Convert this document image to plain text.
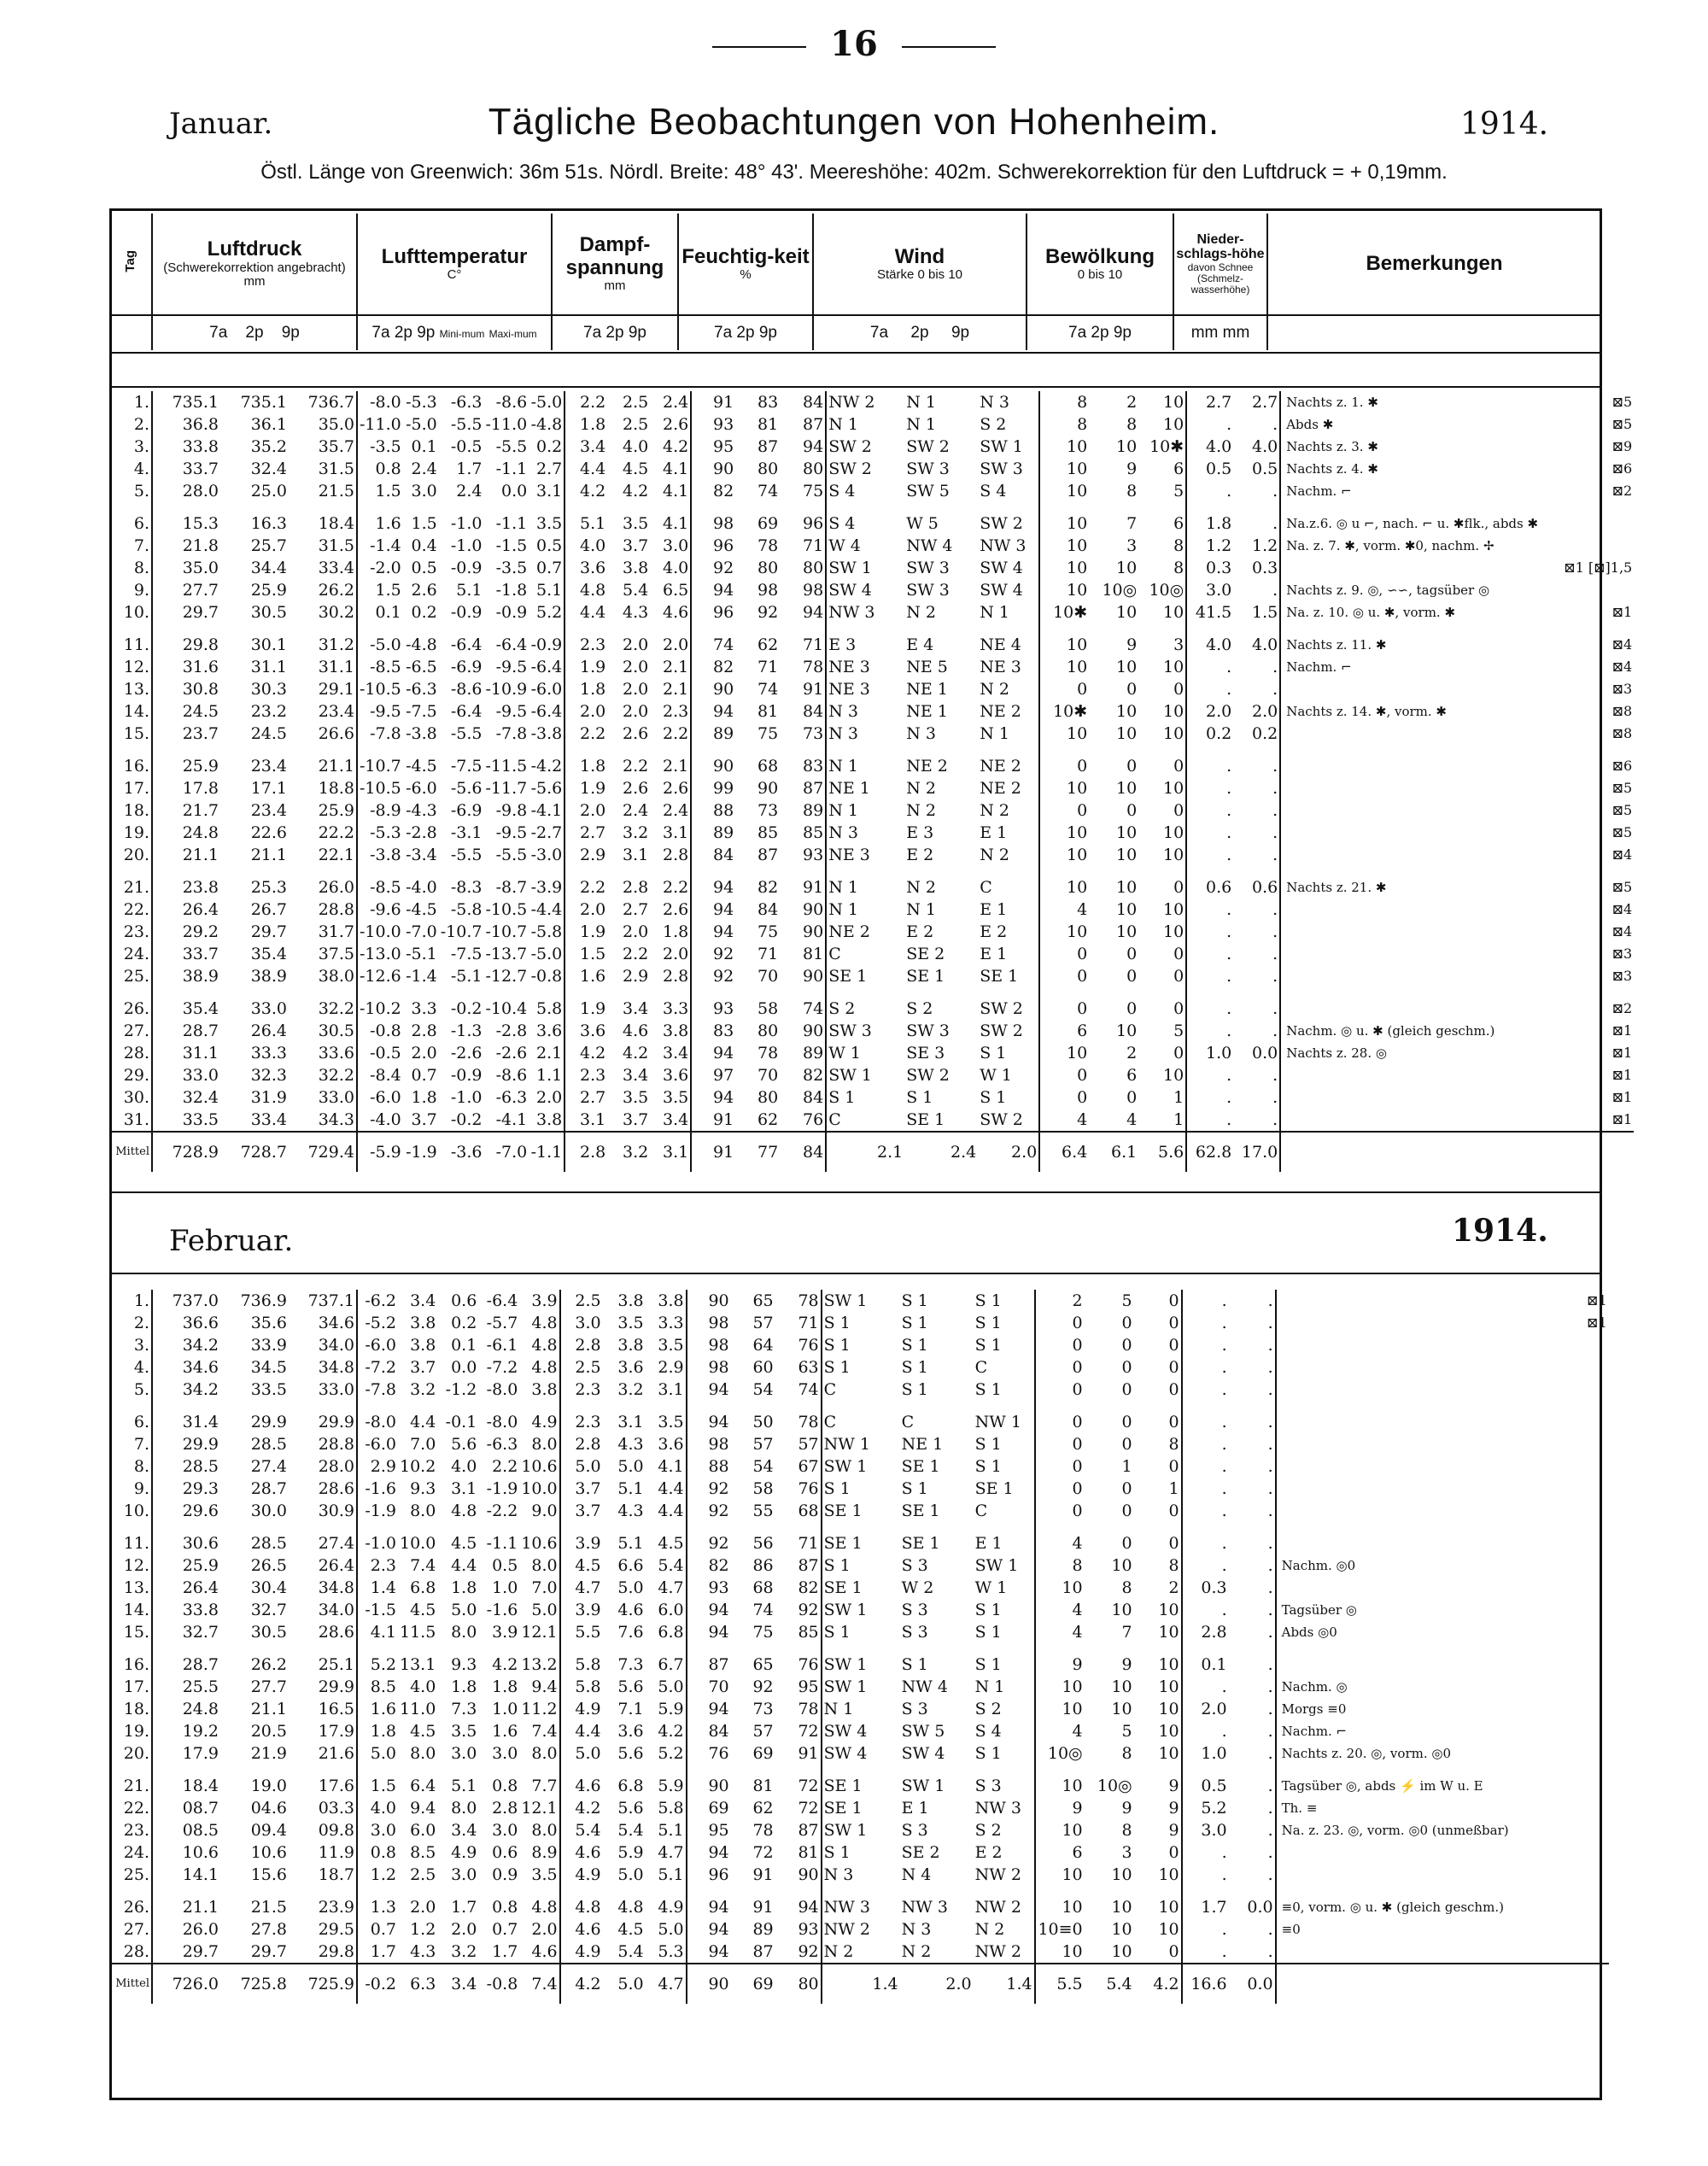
16
Januar.	Tägliche Beobachtungen von Hohenheim.	1914.
Östl. Länge von Greenwich: 36m 51s. Nördl. Breite: 48° 43'. Meereshöhe: 402m. Schwerekorrektion für den Luftdruck = + 0,19mm.
Tag	Luftdruck
(Schwerekorrektion angebracht)
mm	Lufttemperatur
C°	Dampf-spannung
mm	Feuchtig-keit
%	Wind
Stärke 0 bis 10	Bewölkung
0 bis 10	Nieder-schlags-höhe
davon Schnee (Schmelz-wasserhöhe)	Bemerkungen
	7a 2p 9p	7a 2p 9p Mini-mum Maxi-mum	7a 2p 9p	7a 2p 9p	7a 2p 9p	7a 2p 9p	mm mm	
1.	735.1	735.1	736.7	-8.0	-5.3	-6.3	-8.6	-5.0	2.2	2.5	2.4	91	83	84	NW 2	N 1	N 3	8	2	10	2.7	2.7	Nachts z. 1. ✱	⊠5
2.	36.8	36.1	35.0	-11.0	-5.0	-5.5	-11.0	-4.8	1.8	2.5	2.6	93	81	87	N 1	N 1	S 2	8	8	10	.	.	Abds ✱	⊠5
3.	33.8	35.2	35.7	-3.5	0.1	-0.5	-5.5	0.2	3.4	4.0	4.2	95	87	94	SW 2	SW 2	SW 1	10	10	10✱	4.0	4.0	Nachts z. 3. ✱	⊠9
4.	33.7	32.4	31.5	0.8	2.4	1.7	-1.1	2.7	4.4	4.5	4.1	90	80	80	SW 2	SW 3	SW 3	10	9	6	0.5	0.5	Nachts z. 4. ✱	⊠6
5.	28.0	25.0	21.5	1.5	3.0	2.4	0.0	3.1	4.2	4.2	4.1	82	74	75	S 4	SW 5	S 4	10	8	5	.	.	Nachm. ⌐	⊠2

6.	15.3	16.3	18.4	1.6	1.5	-1.0	-1.1	3.5	5.1	3.5	4.1	98	69	96	S 4	W 5	SW 2	10	7	6	1.8	.	Na.z.6. ◎ u ⌐, nach. ⌐ u. ✱flk., abds ✱	
7.	21.8	25.7	31.5	-1.4	0.4	-1.0	-1.5	0.5	4.0	3.7	3.0	96	78	71	W 4	NW 4	NW 3	10	3	8	1.2	1.2	Na. z. 7. ✱, vorm. ✱0, nachm. ✢	
8.	35.0	34.4	33.4	-2.0	0.5	-0.9	-3.5	0.7	3.6	3.8	4.0	92	80	80	SW 1	SW 3	SW 4	10	10	8	0.3	0.3		⊠1 [⊠]1,5
9.	27.7	25.9	26.2	1.5	2.6	5.1	-1.8	5.1	4.8	5.4	6.5	94	98	98	SW 4	SW 3	SW 4	10	10◎	10◎	3.0	.	Nachts z. 9. ◎, ∽∽, tagsüber ◎	
10.	29.7	30.5	30.2	0.1	0.2	-0.9	-0.9	5.2	4.4	4.3	4.6	96	92	94	NW 3	N 2	N 1	10✱	10	10	41.5	1.5	Na. z. 10. ◎ u. ✱, vorm. ✱	⊠1

11.	29.8	30.1	31.2	-5.0	-4.8	-6.4	-6.4	-0.9	2.3	2.0	2.0	74	62	71	E 3	E 4	NE 4	10	9	3	4.0	4.0	Nachts z. 11. ✱	⊠4
12.	31.6	31.1	31.1	-8.5	-6.5	-6.9	-9.5	-6.4	1.9	2.0	2.1	82	71	78	NE 3	NE 5	NE 3	10	10	10	.	.	Nachm. ⌐	⊠4
13.	30.8	30.3	29.1	-10.5	-6.3	-8.6	-10.9	-6.0	1.8	2.0	2.1	90	74	91	NE 3	NE 1	N 2	0	0	0	.	.		⊠3
14.	24.5	23.2	23.4	-9.5	-7.5	-6.4	-9.5	-6.4	2.0	2.0	2.3	94	81	84	N 3	NE 1	NE 2	10✱	10	10	2.0	2.0	Nachts z. 14. ✱, vorm. ✱	⊠8
15.	23.7	24.5	26.6	-7.8	-3.8	-5.5	-7.8	-3.8	2.2	2.6	2.2	89	75	73	N 3	N 3	N 1	10	10	10	0.2	0.2		⊠8

16.	25.9	23.4	21.1	-10.7	-4.5	-7.5	-11.5	-4.2	1.8	2.2	2.1	90	68	83	N 1	NE 2	NE 2	0	0	0	.	.		⊠6
17.	17.8	17.1	18.8	-10.5	-6.0	-5.6	-11.7	-5.6	1.9	2.6	2.6	99	90	87	NE 1	N 2	NE 2	10	10	10	.	.		⊠5
18.	21.7	23.4	25.9	-8.9	-4.3	-6.9	-9.8	-4.1	2.0	2.4	2.4	88	73	89	N 1	N 2	N 2	0	0	0	.	.		⊠5
19.	24.8	22.6	22.2	-5.3	-2.8	-3.1	-9.5	-2.7	2.7	3.2	3.1	89	85	85	N 3	E 3	E 1	10	10	10	.	.		⊠5
20.	21.1	21.1	22.1	-3.8	-3.4	-5.5	-5.5	-3.0	2.9	3.1	2.8	84	87	93	NE 3	E 2	N 2	10	10	10	.	.		⊠4

21.	23.8	25.3	26.0	-8.5	-4.0	-8.3	-8.7	-3.9	2.2	2.8	2.2	94	82	91	N 1	N 2	C	10	10	0	0.6	0.6	Nachts z. 21. ✱	⊠5
22.	26.4	26.7	28.8	-9.6	-4.5	-5.8	-10.5	-4.4	2.0	2.7	2.6	94	84	90	N 1	N 1	E 1	4	10	10	.	.		⊠4
23.	29.2	29.7	31.7	-10.0	-7.0	-10.7	-10.7	-5.8	1.9	2.0	1.8	94	75	90	NE 2	E 2	E 2	10	10	10	.	.		⊠4
24.	33.7	35.4	37.5	-13.0	-5.1	-7.5	-13.7	-5.0	1.5	2.2	2.0	92	71	81	C	SE 2	E 1	0	0	0	.	.		⊠3
25.	38.9	38.9	38.0	-12.6	-1.4	-5.1	-12.7	-0.8	1.6	2.9	2.8	92	70	90	SE 1	SE 1	SE 1	0	0	0	.	.		⊠3

26.	35.4	33.0	32.2	-10.2	3.3	-0.2	-10.4	5.8	1.9	3.4	3.3	93	58	74	S 2	S 2	SW 2	0	0	0	.	.		⊠2
27.	28.7	26.4	30.5	-0.8	2.8	-1.3	-2.8	3.6	3.6	4.6	3.8	83	80	90	SW 3	SW 3	SW 2	6	10	5	.	.	Nachm. ◎ u. ✱ (gleich geschm.)	⊠1
28.	31.1	33.3	33.6	-0.5	2.0	-2.6	-2.6	2.1	4.2	4.2	3.4	94	78	89	W 1	SE 3	S 1	10	2	0	1.0	0.0	Nachts z. 28. ◎	⊠1
29.	33.0	32.3	32.2	-8.4	0.7	-0.9	-8.6	1.1	2.3	3.4	3.6	97	70	82	SW 1	SW 2	W 1	0	6	10	.	.		⊠1
30.	32.4	31.9	33.0	-6.0	1.8	-1.0	-6.3	2.0	2.7	3.5	3.5	94	80	84	S 1	S 1	S 1	0	0	1	.	.		⊠1
31.	33.5	33.4	34.3	-4.0	3.7	-0.2	-4.1	3.8	3.1	3.7	3.4	91	62	76	C	SE 1	SW 2	4	4	1	.	.		⊠1
Mittel	728.9	728.7	729.4	-5.9	-1.9	-3.6	-7.0	-1.1	2.8	3.2	3.1	91	77	84	2.1	2.4	2.0	6.4	6.1	5.6	62.8	17.0		
Februar.	1914.
1.	737.0	736.9	737.1	-6.2	3.4	0.6	-6.4	3.9	2.5	3.8	3.8	90	65	78	SW 1	S 1	S 1	2	5	0	.	.		⊠1
2.	36.6	35.6	34.6	-5.2	3.8	0.2	-5.7	4.8	3.0	3.5	3.3	98	57	71	S 1	S 1	S 1	0	0	0	.	.		⊠1
3.	34.2	33.9	34.0	-6.0	3.8	0.1	-6.1	4.8	2.8	3.8	3.5	98	64	76	S 1	S 1	S 1	0	0	0	.	.		
4.	34.6	34.5	34.8	-7.2	3.7	0.0	-7.2	4.8	2.5	3.6	2.9	98	60	63	S 1	S 1	C	0	0	0	.	.		
5.	34.2	33.5	33.0	-7.8	3.2	-1.2	-8.0	3.8	2.3	3.2	3.1	94	54	74	C	S 1	S 1	0	0	0	.	.		

6.	31.4	29.9	29.9	-8.0	4.4	-0.1	-8.0	4.9	2.3	3.1	3.5	94	50	78	C	C	NW 1	0	0	0	.	.		
7.	29.9	28.5	28.8	-6.0	7.0	5.6	-6.3	8.0	2.8	4.3	3.6	98	57	57	NW 1	NE 1	S 1	0	0	8	.	.		
8.	28.5	27.4	28.0	2.9	10.2	4.0	2.2	10.6	5.0	5.0	4.1	88	54	67	SW 1	SE 1	S 1	0	1	0	.	.		
9.	29.3	28.7	28.6	-1.6	9.3	3.1	-1.9	10.0	3.7	5.1	4.4	92	58	76	S 1	S 1	SE 1	0	0	1	.	.		
10.	29.6	30.0	30.9	-1.9	8.0	4.8	-2.2	9.0	3.7	4.3	4.4	92	55	68	SE 1	SE 1	C	0	0	0	.	.		

11.	30.6	28.5	27.4	-1.0	10.0	4.5	-1.1	10.6	3.9	5.1	4.5	92	56	71	SE 1	SE 1	E 1	4	0	0	.	.		
12.	25.9	26.5	26.4	2.3	7.4	4.4	0.5	8.0	4.5	6.6	5.4	82	86	87	S 1	S 3	SW 1	8	10	8	.	.	Nachm. ◎0	
13.	26.4	30.4	34.8	1.4	6.8	1.8	1.0	7.0	4.7	5.0	4.7	93	68	82	SE 1	W 2	W 1	10	8	2	0.3	.		
14.	33.8	32.7	34.0	-1.5	4.5	5.0	-1.6	5.0	3.9	4.6	6.0	94	74	92	SW 1	S 3	S 1	4	10	10	.	.	Tagsüber ◎	
15.	32.7	30.5	28.6	4.1	11.5	8.0	3.9	12.1	5.5	7.6	6.8	94	75	85	S 1	S 3	S 1	4	7	10	2.8	.	Abds ◎0	

16.	28.7	26.2	25.1	5.2	13.1	9.3	4.2	13.2	5.8	7.3	6.7	87	65	76	SW 1	S 1	S 1	9	9	10	0.1	.		
17.	25.5	27.7	29.9	8.5	4.0	1.8	1.8	9.4	5.8	5.6	5.0	70	92	95	SW 1	NW 4	N 1	10	10	10	.	.	Nachm. ◎	
18.	24.8	21.1	16.5	1.6	11.0	7.3	1.0	11.2	4.9	7.1	5.9	94	73	78	N 1	S 3	S 2	10	10	10	2.0	.	Morgs ≡0	
19.	19.2	20.5	17.9	1.8	4.5	3.5	1.6	7.4	4.4	3.6	4.2	84	57	72	SW 4	SW 5	S 4	4	5	10	.	.	Nachm. ⌐	
20.	17.9	21.9	21.6	5.0	8.0	3.0	3.0	8.0	5.0	5.6	5.2	76	69	91	SW 4	SW 4	S 1	10◎	8	10	1.0	.	Nachts z. 20. ◎, vorm. ◎0	

21.	18.4	19.0	17.6	1.5	6.4	5.1	0.8	7.7	4.6	6.8	5.9	90	81	72	SE 1	SW 1	S 3	10	10◎	9	0.5	.	Tagsüber ◎, abds ⚡ im W u. E	
22.	08.7	04.6	03.3	4.0	9.4	8.0	2.8	12.1	4.2	5.6	5.8	69	62	72	SE 1	E 1	NW 3	9	9	9	5.2	.	Th. ≡	
23.	08.5	09.4	09.8	3.0	6.0	3.4	3.0	8.0	5.4	5.4	5.1	95	78	87	SW 1	S 3	S 2	10	8	9	3.0	.	Na. z. 23. ◎, vorm. ◎0 (unmeßbar)	
24.	10.6	10.6	11.9	0.8	8.5	4.9	0.6	8.9	4.6	5.9	4.7	94	72	81	S 1	SE 2	E 2	6	3	0	.	.		
25.	14.1	15.6	18.7	1.2	2.5	3.0	0.9	3.5	4.9	5.0	5.1	96	91	90	N 3	N 4	NW 2	10	10	10	.	.		

26.	21.1	21.5	23.9	1.3	2.0	1.7	0.8	4.8	4.8	4.8	4.9	94	91	94	NW 3	NW 3	NW 2	10	10	10	1.7	0.0	≡0, vorm. ◎ u. ✱ (gleich geschm.)	
27.	26.0	27.8	29.5	0.7	1.2	2.0	0.7	2.0	4.6	4.5	5.0	94	89	93	NW 2	N 3	N 2	10≡0	10	10	.	.	≡0	
28.	29.7	29.7	29.8	1.7	4.3	3.2	1.7	4.6	4.9	5.4	5.3	94	87	92	N 2	N 2	NW 2	10	10	0	.	.		
Mittel	726.0	725.8	725.9	-0.2	6.3	3.4	-0.8	7.4	4.2	5.0	4.7	90	69	80	1.4	2.0	1.4	5.5	5.4	4.2	16.6	0.0		
